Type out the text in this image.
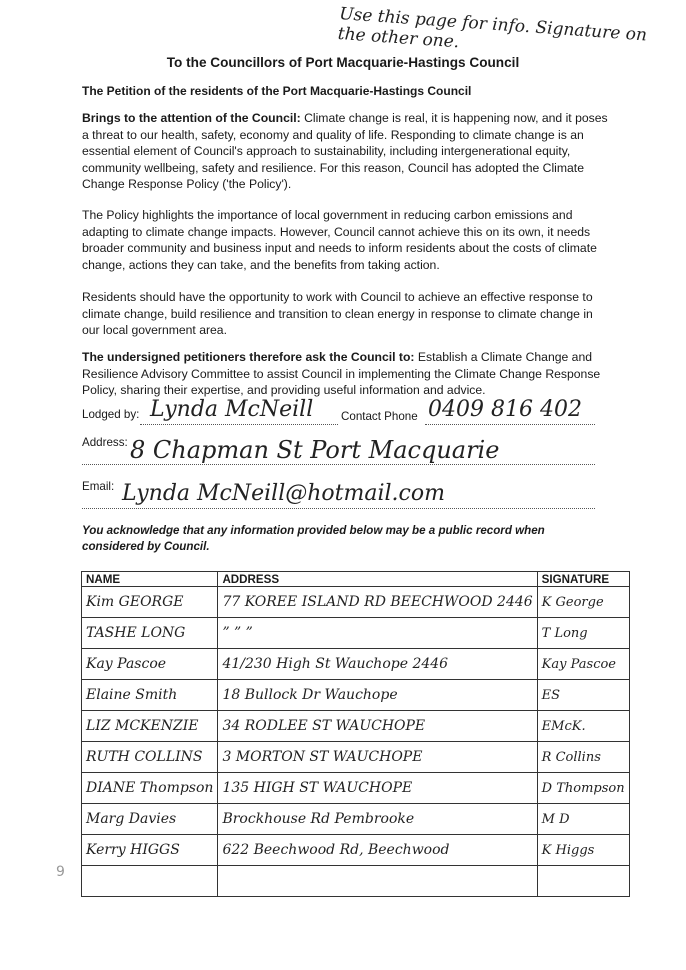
Use this page for info. Signature on the other one.
To the Councillors of Port Macquarie-Hastings Council
The Petition of the residents of the Port Macquarie-Hastings Council
Brings to the attention of the Council: Climate change is real, it is happening now, and it poses a threat to our health, safety, economy and quality of life. Responding to climate change is an essential element of Council's approach to sustainability, including intergenerational equity, community wellbeing, safety and resilience. For this reason, Council has adopted the Climate Change Response Policy ('the Policy').
The Policy highlights the importance of local government in reducing carbon emissions and adapting to climate change impacts. However, Council cannot achieve this on its own, it needs broader community and business input and needs to inform residents about the costs of climate change, actions they can take, and the benefits from taking action.
Residents should have the opportunity to work with Council to achieve an effective response to climate change, build resilience and transition to clean energy in response to climate change in our local government area.
The undersigned petitioners therefore ask the Council to: Establish a Climate Change and Resilience Advisory Committee to assist Council in implementing the Climate Change Response Policy, sharing their expertise, and providing useful information and advice.
Lodged by: Lynda McNeill Contact Phone 0409 816 402
Address: 8 Chapman St Port Macquarie
Email: Lynda McNeill@hotmail.com
You acknowledge that any information provided below may be a public record when considered by Council.
NAME	ADDRESS	SIGNATURE
Kim GEORGE	77 KOREE ISLAND RD BEECHWOOD 2446	K George
TASHE LONG	” ” ”	T Long
Kay Pascoe	41/230 High St Wauchope 2446	Kay Pascoe
Elaine Smith	18 Bullock Dr Wauchope	ES
LIZ MCKENZIE	34 RODLEE ST WAUCHOPE	EMcK.
RUTH COLLINS	3 MORTON ST WAUCHOPE	R Collins
DIANE Thompson	135 HIGH ST WAUCHOPE	D Thompson
Marg Davies	Brockhouse Rd Pembrooke	M D
Kerry HIGGS	622 Beechwood Rd, Beechwood	K Higgs

9
